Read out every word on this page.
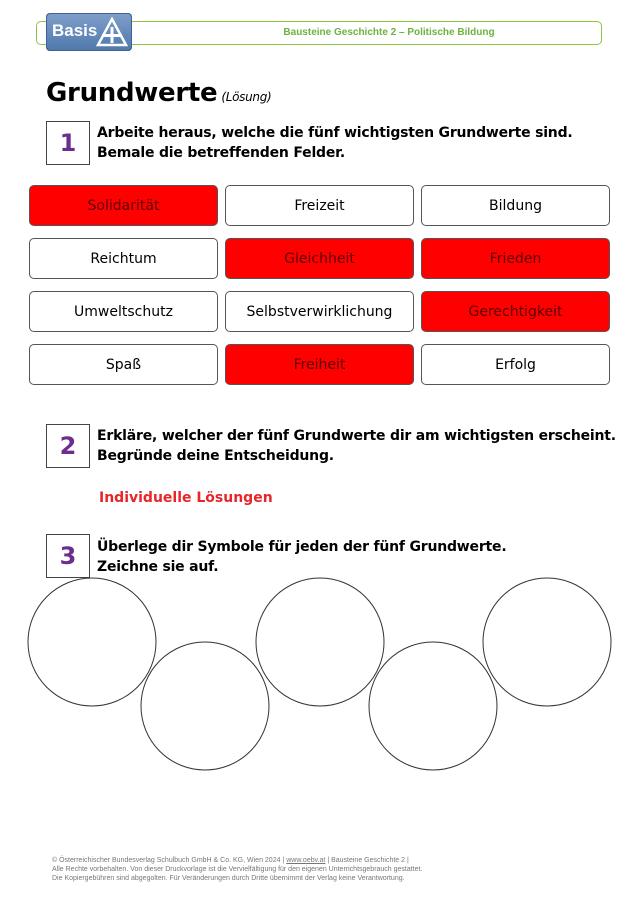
Bausteine Geschichte 2 – Politische Bildung
Basis
Grundwerte (Lösung)
1	Arbeite heraus, welche die fünf wichtigsten Grundwerte sind.
Bemale die betreffenden Felder.
Solidarität	Freizeit	Bildung
Reichtum	Gleichheit	Frieden
Umweltschutz	Selbstverwirklichung	Gerechtigkeit
Spaß	Freiheit	Erfolg
2	Erkläre, welcher der fünf Grundwerte dir am wichtigsten erscheint.
Begründe deine Entscheidung.
Individuelle Lösungen
3	Überlege dir Symbole für jeden der fünf Grundwerte.
Zeichne sie auf.
© Österreichischer Bundesverlag Schulbuch GmbH & Co. KG, Wien 2024 | www.oebv.at | Bausteine Geschichte 2 |
Alle Rechte vorbehalten. Von dieser Druckvorlage ist die Vervielfältigung für den eigenen Unterrichtsgebrauch gestattet.
Die Kopiergebühren sind abgegolten. Für Veränderungen durch Dritte übernimmt der Verlag keine Verantwortung.
